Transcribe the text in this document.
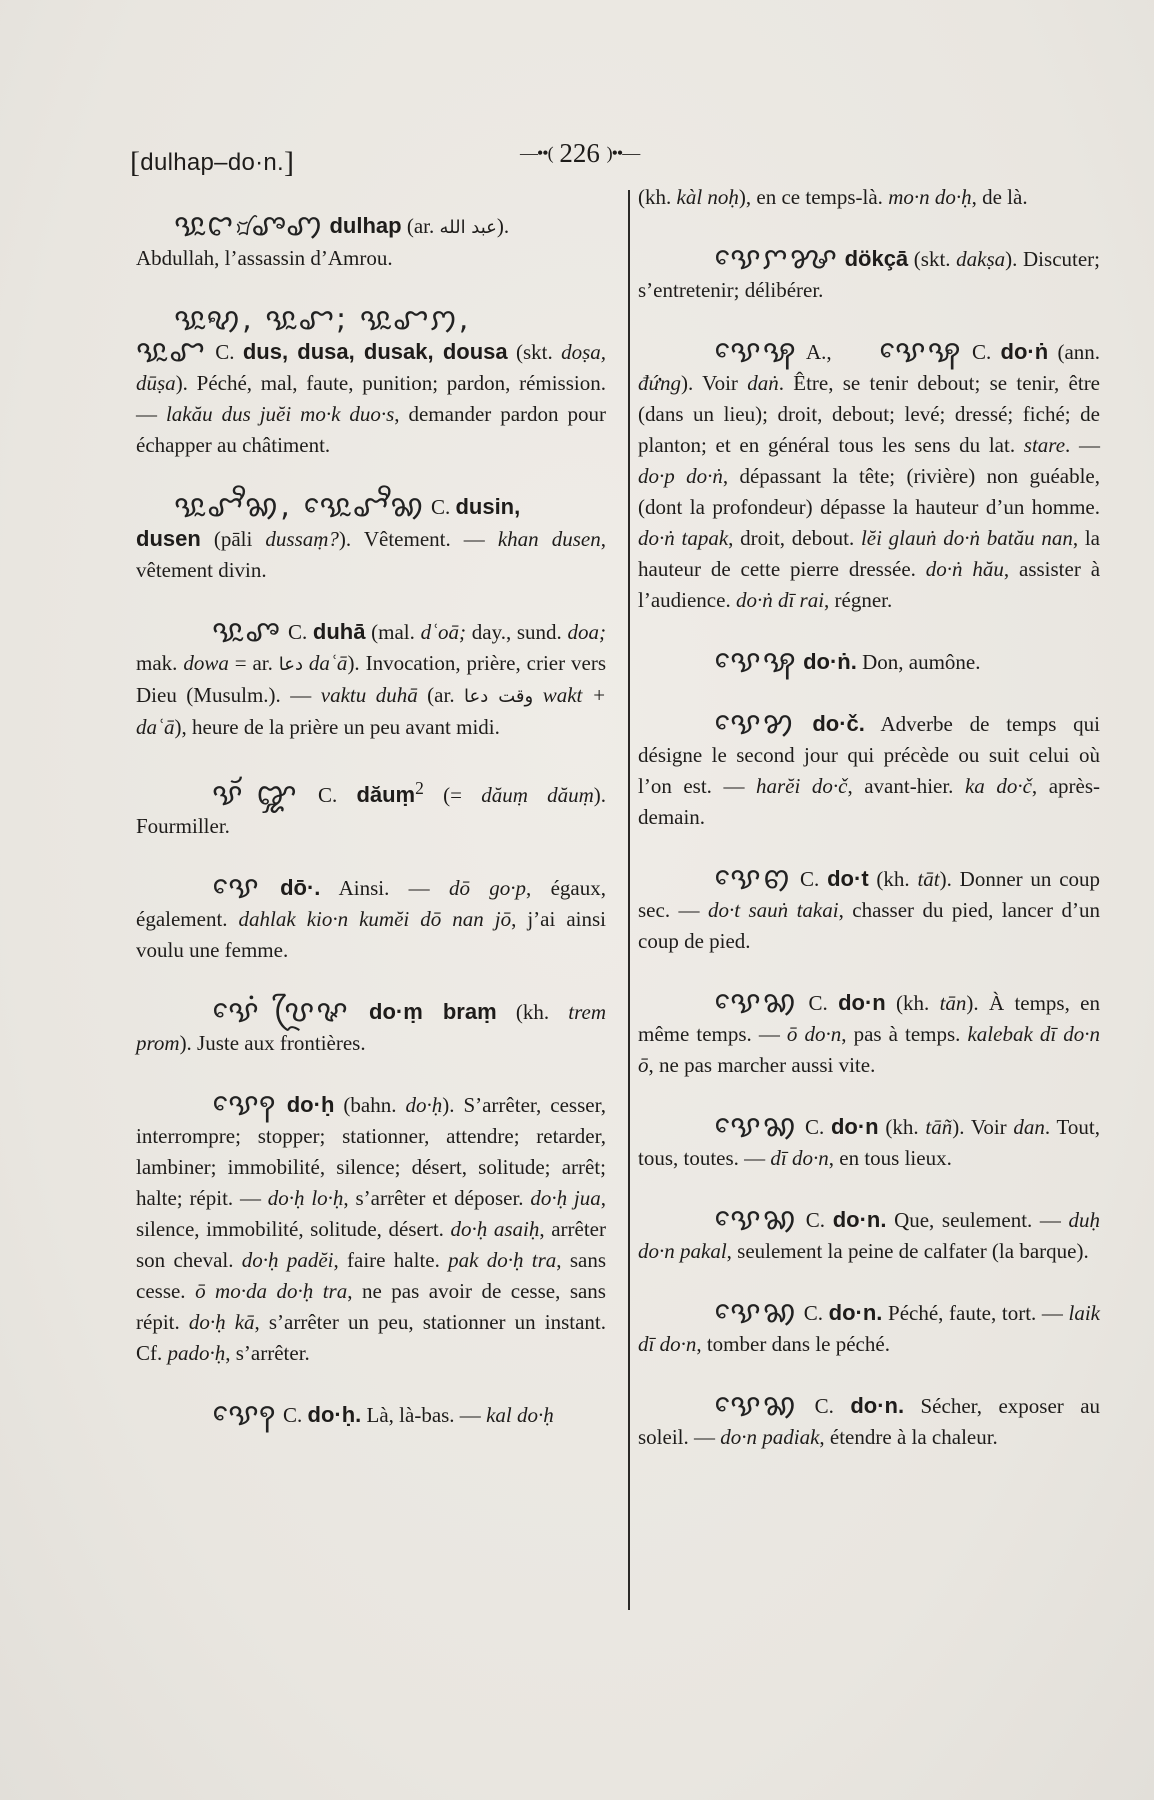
[dulhap–do·n.]	—••( 226 )••—

ꨕꨭꨤ꩸ꨨꩇ dulhap (ar. عبد الله).

Abdullah, l’assassin d’Amrou.

ꨕꨭꩋ, ꨕꨭꨧ; ꨕꨭꨧꩀ,

ꨕꨭꨧ C. dus, dusa, dusak, dousa (skt. doṣa, dūṣa). Péché, mal, faute, punition; pardon, rémission. — lakău dus juĕi mo·k duo·s, demander pardon pour échapper au châtiment.

ꨕꨭꨧꨪꩆ, ꨕꨯꨭꨧꨪꩆ C. dusin,

dusen (pāli dussaṃ?). Vêtement. — khan dusen, vêtement divin.

ꨕꨭꨨ C. duhā (mal. dʿoā; day., sund. doa; mak. dowa = ar. دعا daʿā). Invocation, prière, crier vers Dieu (Musulm.). — vaktu duhā (ar. وقت دعا wakt + daʿā), heure de la prière un peu avant midi.

ꨕꨮ ꨒ C. dăuṃ$^2$ (= dăuṃ dăuṃ). Fourmiller.

ꨕꨯ dō·. Ainsi. — dō go·p, égaux, également. dahlak kio·n kumĕi dō nan jō, j’ai ainsi voulu une femme.

ꨕꨯꩌ ꨝꨴꨟ do·ṃ braṃ (kh. trem prom). Juste aux frontières.

ꨕꨯꩍ do·ḥ (bahn. do·ḥ). S’arrêter, cesser, interrompre; stopper; stationner, attendre; retarder, lambiner; immobilité, silence; désert, solitude; arrêt; halte; répit. — do·ḥ lo·ḥ, s’arrêter et déposer. do·ḥ jua, silence, immobilité, solitude, désert. do·ḥ asaiḥ, arrêter son cheval. do·ḥ padĕi, faire halte. pak do·ḥ tra, sans cesse. ō mo·da do·ḥ tra, ne pas avoir de cesse, sans répit. do·ḥ kā, s’arrêter un peu, stationner un instant. Cf. pado·ḥ, s’arrêter.

ꨕꨯꩍ C. do·ḥ. Là, là-bas. — kal do·ḥ

(kh. kàl noḥ), en ce temps-là. mo·n do·ḥ, de là.

ꨕꨯꨆꨍ dökçā (skt. dakṣa). Discuter; s’entretenir; délibérer.

ꨕꨯꩂ A., ꨕꨯꩂ C. do·ṅ (ann. đứng). Voir daṅ. Être, se tenir debout; se tenir, être (dans un lieu); droit, debout; levé; dressé; fiché; de planton; et en général tous les sens du lat. stare. — do·p do·ṅ, dépassant la tête; (rivière) non guéable, (dont la profondeur) dépasse la hauteur d’un homme. do·ṅ tapak, droit, debout. lĕi glauṅ do·ṅ batău nan, la hauteur de cette pierre dressée. do·ṅ hău, assister à l’audience. do·ṅ dī rai, régner.

ꨕꨯꩂ do·ṅ. Don, aumône.

ꨕꨯꩄ do·č. Adverbe de temps qui désigne le second jour qui précède ou suit celui où l’on est. — harĕi do·č, avant-hier. ka do·č, après-demain.

ꨕꨯꩅ C. do·t (kh. tāt). Donner un coup sec. — do·t sauṅ takai, chasser du pied, lancer d’un coup de pied.

ꨕꨯꩆ C. do·n (kh. tān). À temps, en même temps. — ō do·n, pas à temps. kalebak dī do·n ō, ne pas marcher aussi vite.

ꨕꨯꩆ C. do·n (kh. tāñ). Voir dan. Tout, tous, toutes. — dī do·n, en tous lieux.

ꨕꨯꩆ C. do·n. Que, seulement. — duḥ do·n pakal, seulement la peine de calfater (la barque).

ꨕꨯꩆ C. do·n. Péché, faute, tort. — laik dī do·n, tomber dans le péché.

ꨕꨯꩆ C. do·n. Sécher, exposer au soleil. — do·n padiak, étendre à la chaleur.
